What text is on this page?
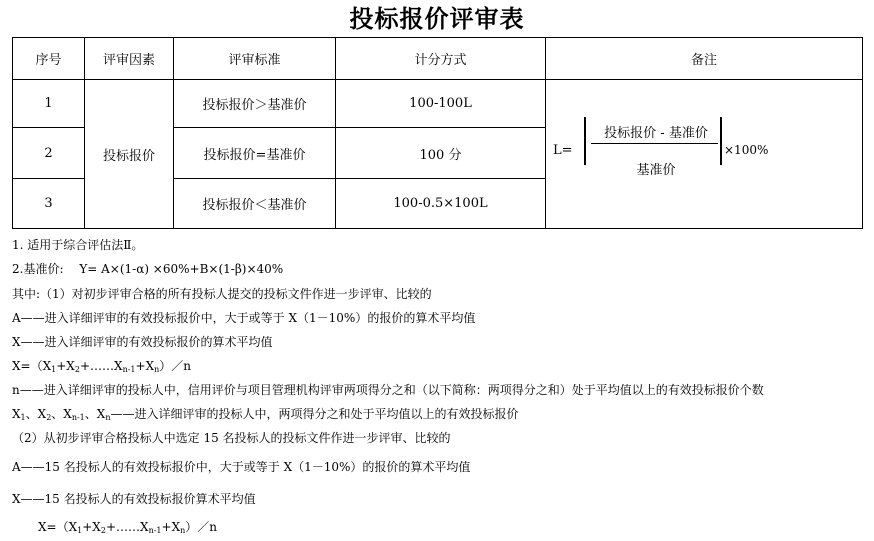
投标报价评审表
序号	评审因素	评审标准	计分方式	备注
1	投标报价	投标报价＞基准价	100-100L	L=
投标报价 - 基准价
基准价
×100%

2		投标报价=基准价	100 分	
3		投标报价＜基准价	100-0.5×100L	
1. 适用于综合评估法Ⅱ。
2.基准价: Y= A×(1-α) ×60%+B×(1-β)×40%
其中:（1）对初步评审合格的所有投标人提交的投标文件作进一步评审、比较的
A——进入详细评审的有效投标报价中，大于或等于 X（1－10%）的报价的算术平均值
X——进入详细评审的有效投标报价的算术平均值
$X=(X_1+X_2+\dots\dots X_{n-1}+X_n)/n$
n——进入详细评审的投标人中，信用评价与项目管理机构评审两项得分之和（以下简称：两项得分之和）处于平均值以上的有效投标报价个数
$X_1$、$X_2$、$X_{n-1}$、$X_n——$进入详细评审的投标人中，两项得分之和处于平均值以上的有效投标报价
（2）从初步评审合格投标人中选定 15 名投标人的投标文件作进一步评审、比较的
A——15 名投标人的有效投标报价中，大于或等于 X（1－10%）的报价的算术平均值
X——15 名投标人的有效投标报价算术平均值
$X=(X_1+X_2+\dots\dots X_{n-1}+X_n)/n$
